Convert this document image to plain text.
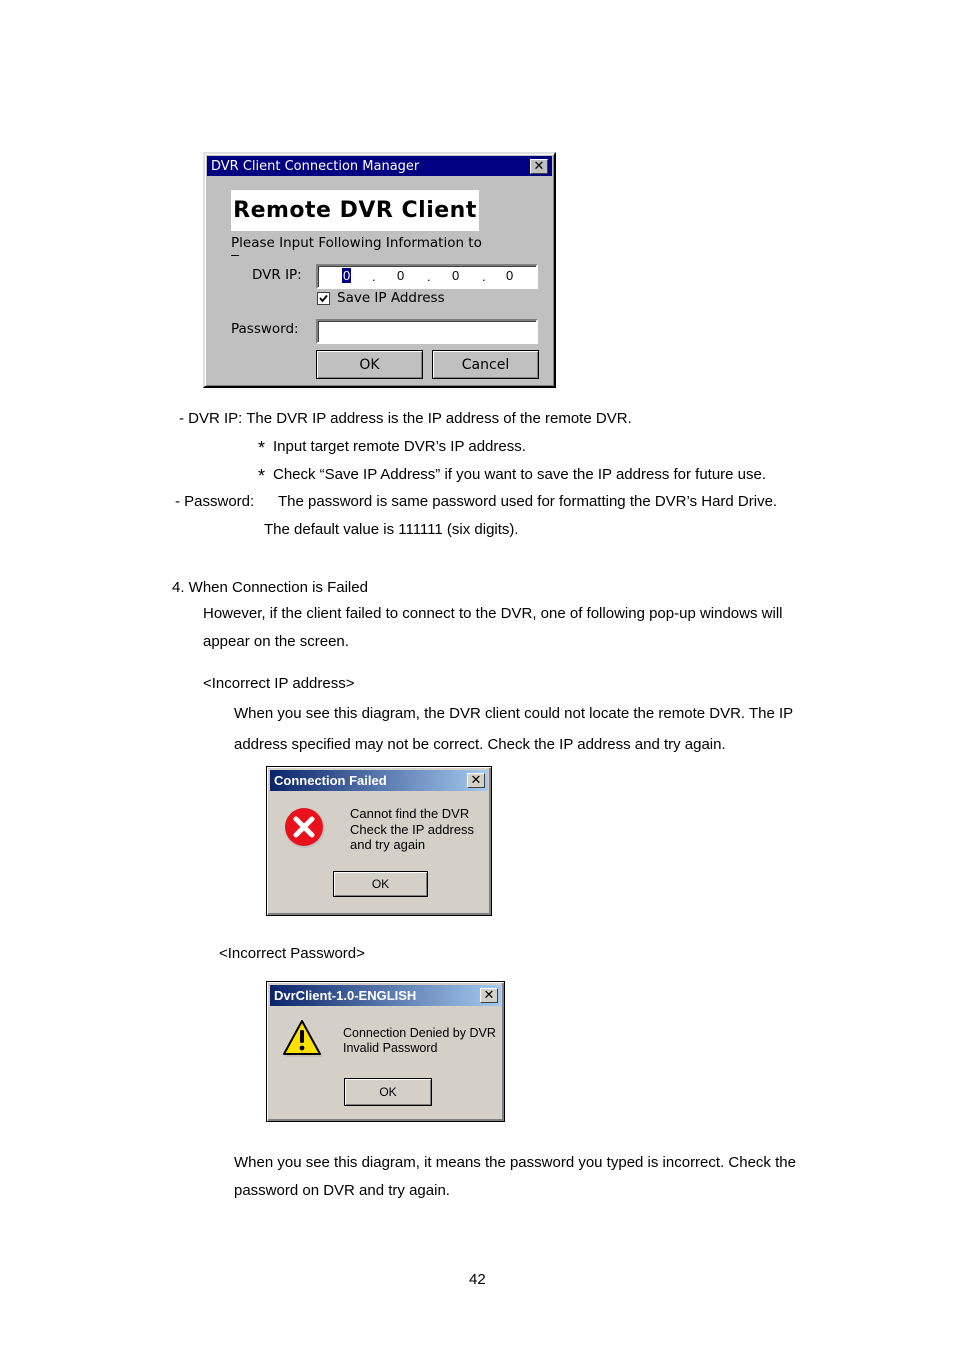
DVR Client Connection Manager	✕
Remote DVR Client
Please Input Following Information to
DVR IP:	0 . 0 . 0 . 0
Save IP Address
Password:
OK	Cancel
- DVR IP: The DVR IP address is the IP address of the remote DVR.
* Input target remote DVR’s IP address.
* Check “Save IP Address” if you want to save the IP address for future use.
- Password: The password is same password used for formatting the DVR’s Hard Drive.
The default value is 111111 (six digits).
4. When Connection is Failed
However, if the client failed to connect to the DVR, one of following pop-up windows will
appear on the screen.
<Incorrect IP address>
When you see this diagram, the DVR client could not locate the remote DVR. The IP
address specified may not be correct. Check the IP address and try again.
Connection Failed	✕
Cannot find the DVR
Check the IP address
and try again
OK
<Incorrect Password>
DvrClient-1.0-ENGLISH	✕
Connection Denied by DVR
Invalid Password
OK
When you see this diagram, it means the password you typed is incorrect. Check the
password on DVR and try again.
42
